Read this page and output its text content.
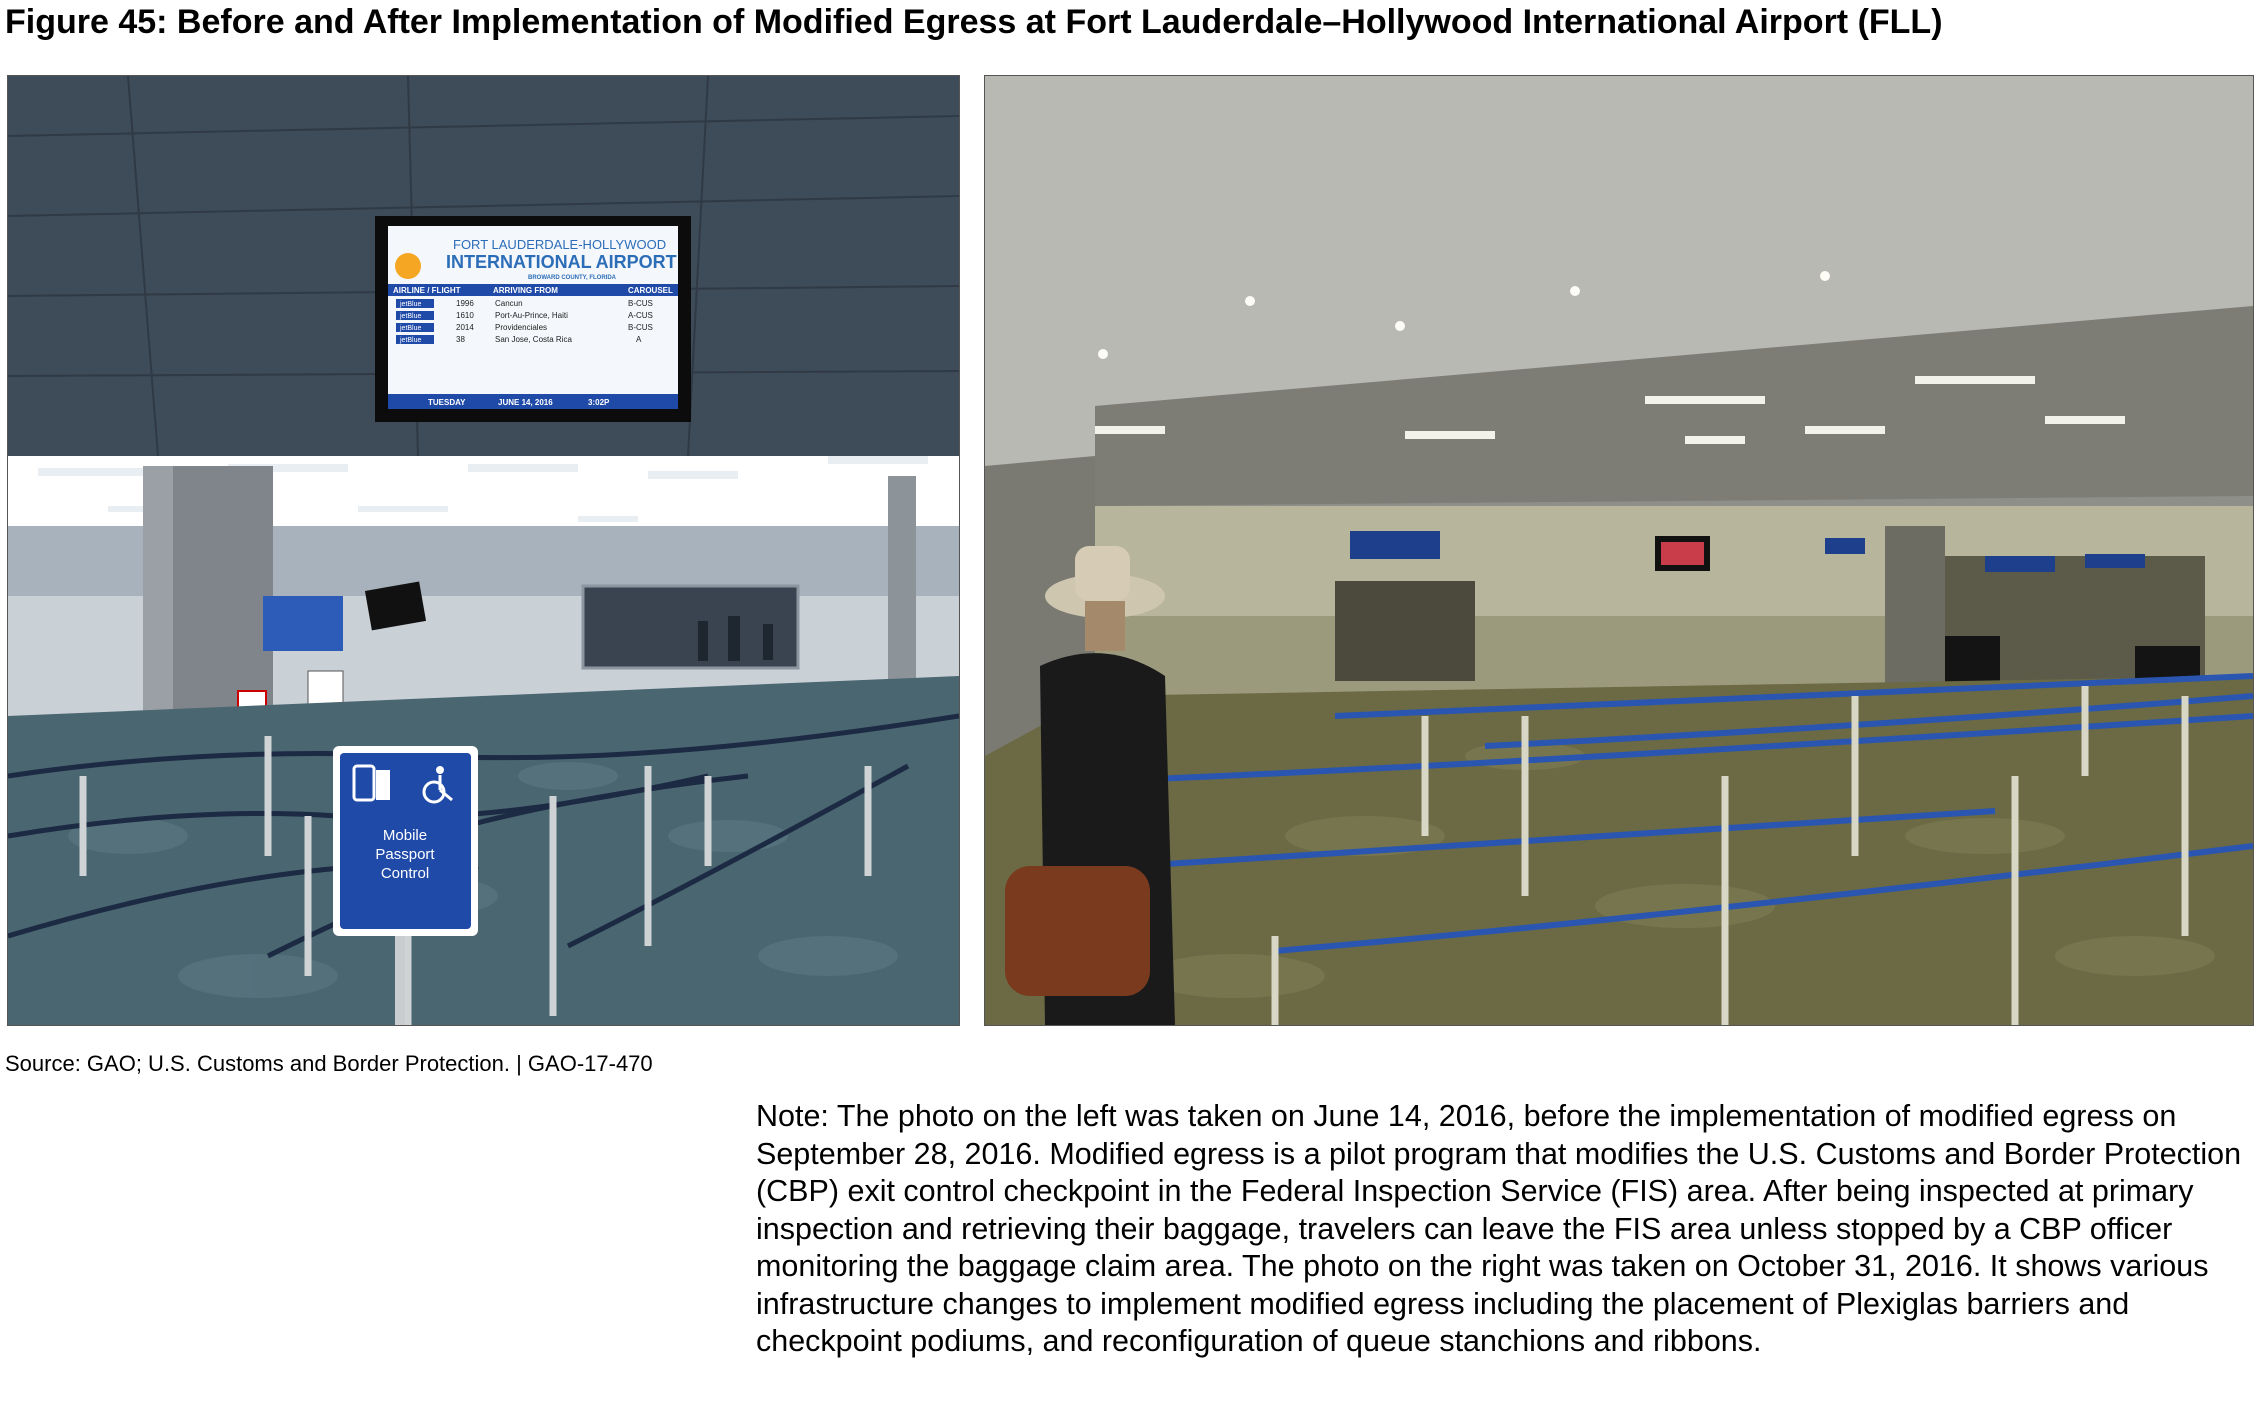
Figure 45: Before and After Implementation of Modified Egress at Fort Lauderdale–Hollywood International Airport (FLL)
FORT LAUDERDALE-HOLLYWOOD
INTERNATIONAL AIRPORT
BROWARD COUNTY, FLORIDA
AIRLINE / FLIGHT	ARRIVING FROM	CAROUSEL
jetBlue	1996	Cancun	B-CUS
jetBlue	1610	Port-Au-Prince, Haiti	A-CUS
jetBlue	2014	Providenciales	B-CUS
jetBlue	38	San Jose, Costa Rica	A
TUESDAY	JUNE 14, 2016	3:02P
Mobile
Passport
Control
Source: GAO; U.S. Customs and Border Protection. | GAO-17-470
Note: The photo on the left was taken on June 14, 2016, before the implementation of modified egress on September 28, 2016. Modified egress is a pilot program that modifies the U.S. Customs and Border Protection (CBP) exit control checkpoint in the Federal Inspection Service (FIS) area. After being inspected at primary inspection and retrieving their baggage, travelers can leave the FIS area unless stopped by a CBP officer monitoring the baggage claim area. The photo on the right was taken on October 31, 2016. It shows various infrastructure changes to implement modified egress including the placement of Plexiglas barriers and checkpoint podiums, and reconfiguration of queue stanchions and ribbons.
